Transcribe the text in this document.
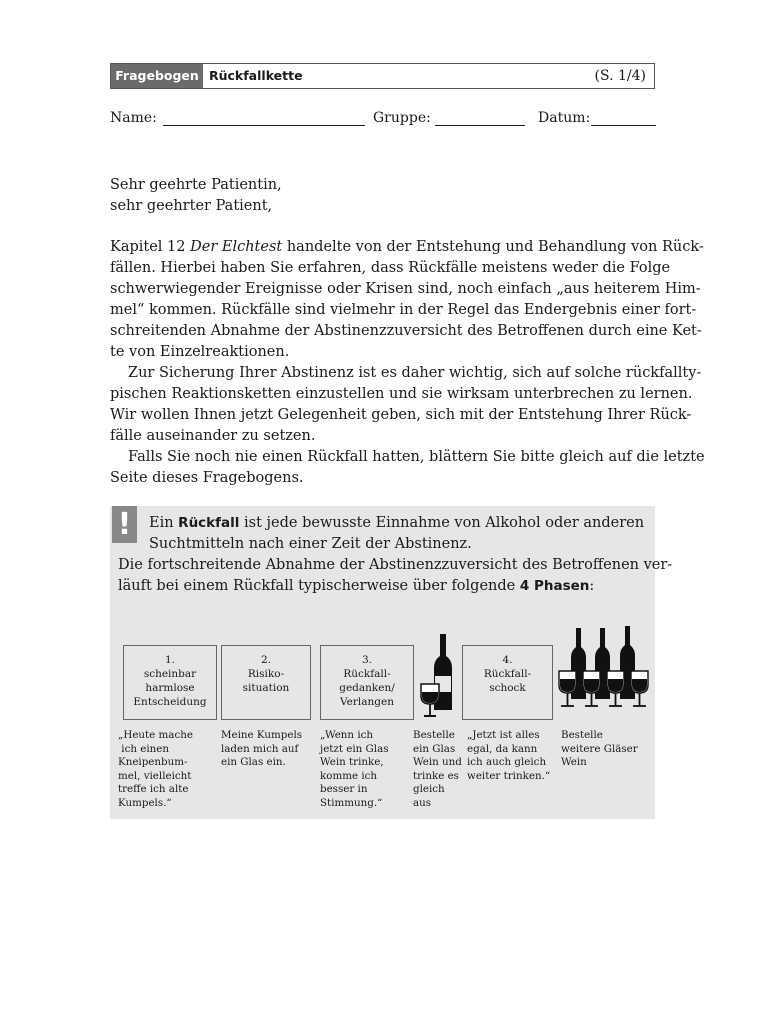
Fragebogen Rückfallkette	(S. 1/4)
Name:	Gruppe:	Datum:
Sehr geehrte Patientin,
sehr geehrter Patient,
Kapitel 12 Der Elchtest handelte von der Entstehung und Behandlung von Rück-
fällen. Hierbei haben Sie erfahren, dass Rückfälle meistens weder die Folge
schwerwiegender Ereignisse oder Krisen sind, noch einfach „aus heiterem Him-
mel“ kommen. Rückfälle sind vielmehr in der Regel das Endergebnis einer fort-
schreitenden Abnahme der Abstinenzzuversicht des Betroffenen durch eine Ket-
te von Einzelreaktionen.
Zur Sicherung Ihrer Abstinenz ist es daher wichtig, sich auf solche rückfallty-
pischen Reaktionsketten einzustellen und sie wirksam unterbrechen zu lernen.
Wir wollen Ihnen jetzt Gelegenheit geben, sich mit der Entstehung Ihrer Rück-
fälle auseinander zu setzen.
Falls Sie noch nie einen Rückfall hatten, blättern Sie bitte gleich auf die letzte
Seite dieses Fragebogens.
!	Ein Rückfall ist jede bewusste Einnahme von Alkohol oder anderen
Suchtmitteln nach einer Zeit der Abstinenz.
Die fortschreitende Abnahme der Abstinenzzuversicht des Betroffenen ver-
läuft bei einem Rückfall typischerweise über folgende 4 Phasen:
1.
scheinbar
harmlose
Entscheidung
2.
Risiko-
situation
3.
Rückfall-
gedanken/
Verlangen
4.
Rückfall-
schock
„Heute mache
ich einen
Kneipenbum-
mel, vielleicht
treffe ich alte
Kumpels.“
Meine Kumpels
laden mich auf
ein Glas ein.
„Wenn ich
jetzt ein Glas
Wein trinke,
komme ich
besser in
Stimmung.“
Bestelle
ein Glas
Wein und
trinke es
gleich
aus
„Jetzt ist alles
egal, da kann
ich auch gleich
weiter trinken.“
Bestelle
weitere Gläser
Wein
